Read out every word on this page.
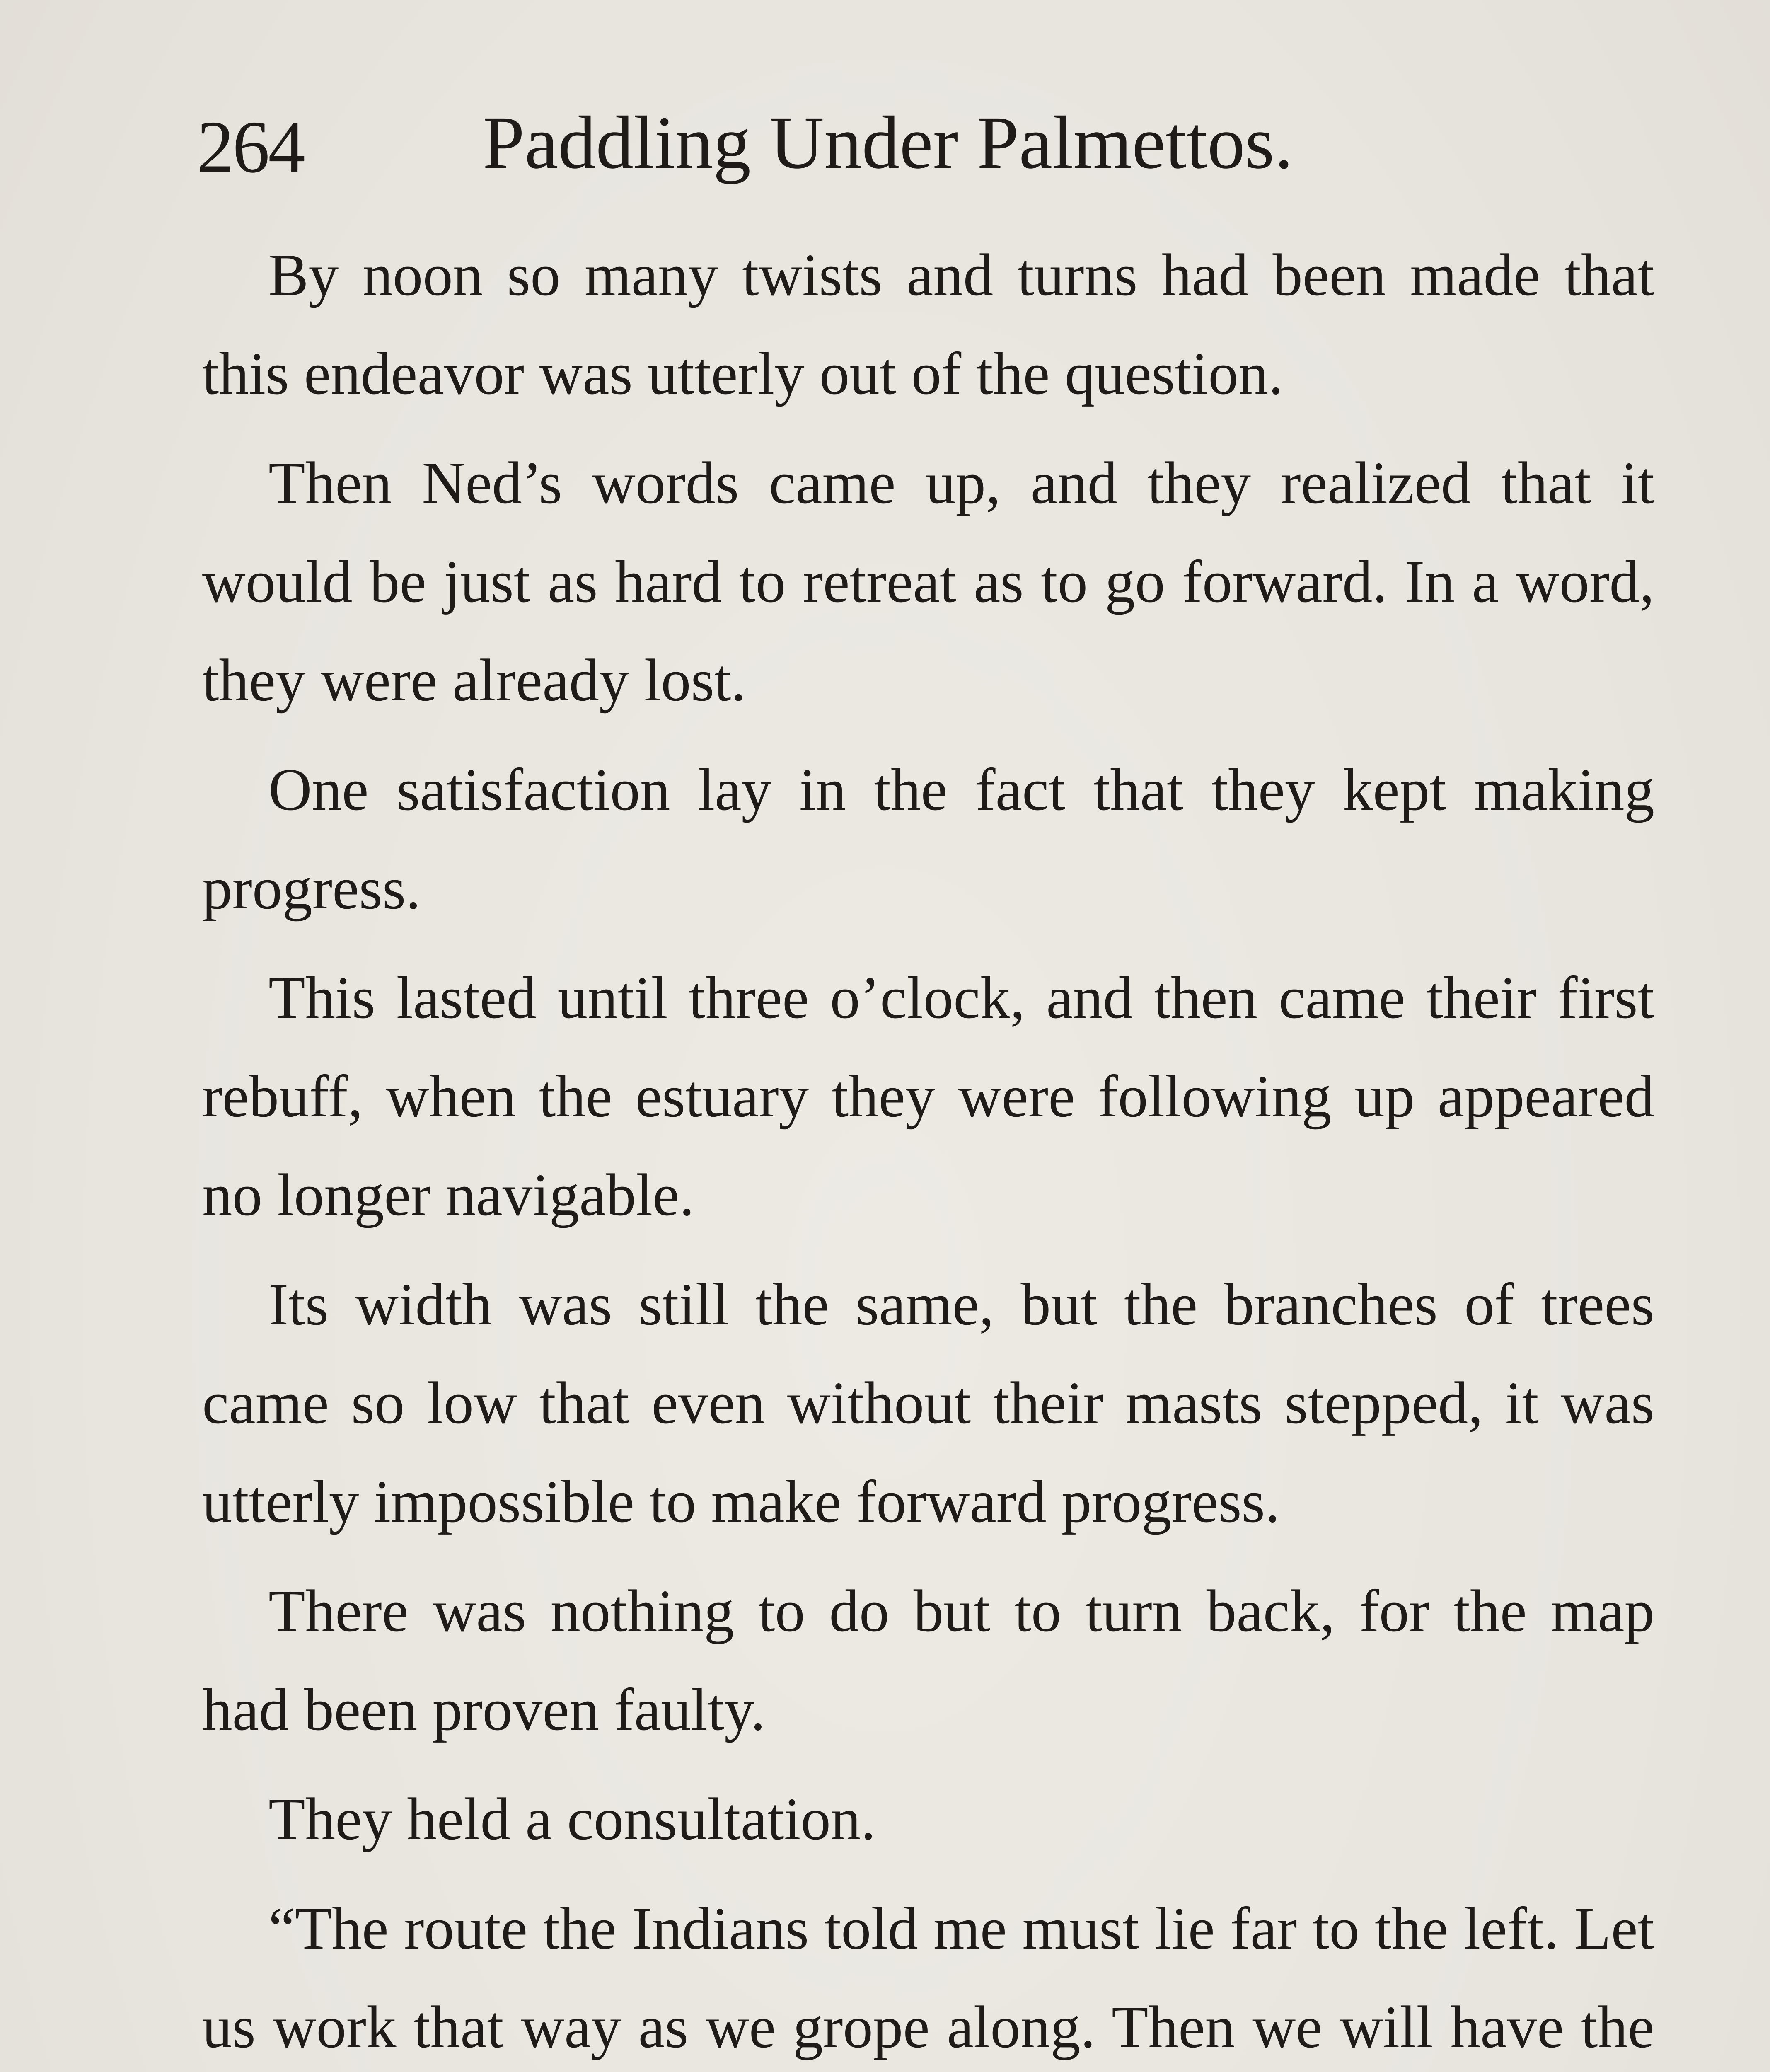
264 Paddling Under Palmettos.

By noon so many twists and turns had been made that this endeavor was utterly out of the question.

Then Ned’s words came up, and they realized that it would be just as hard to retreat as to go forward. In a word, they were already lost.

One satisfaction lay in the fact that they kept making progress.

This lasted until three o’clock, and then came their first rebuff, when the estuary they were following up appeared no longer navigable.

Its width was still the same, but the branches of trees came so low that even without their masts stepped, it was utterly impossible to make forward progress.

There was nothing to do but to turn back, for the map had been proven faulty.

They held a consultation.

“The route the Indians told me must lie far to the left. Let us work that way as we grope along. Then we will have the
